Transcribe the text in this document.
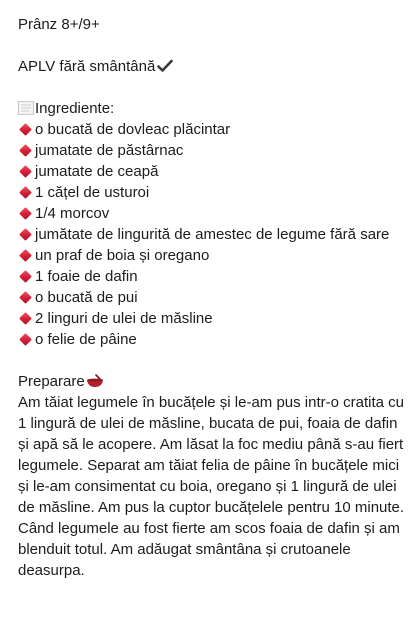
Prânz 8+/9+

APLV fără smântână

Ingrediente:

o bucată de dovleac plăcintar
jumatate de păstârnac
jumatate de ceapă
1 cățel de usturoi
1/4 morcov
jumătate de lingurită de amestec de legume fără sare
un praf de boia și oregano
1 foaie de dafin
o bucată de pui
2 linguri de ulei de măsline
o felie de pâine

Preparare

Am tăiat legumele în bucățele și le-am pus intr-o cratita cu 1 lingură de ulei de măsline, bucata de pui, foaia de dafin și apă să le acopere. Am lăsat la foc mediu până s-au fiert legumele. Separat am tăiat felia de pâine în bucățele mici și le-am consimentat cu boia, oregano și 1 lingură de ulei de măsline. Am pus la cuptor bucățelele pentru 10 minute. Când legumele au fost fierte am scos foaia de dafin și am blenduit totul. Am adăugat smântâna și crutoanele deasurpa.
